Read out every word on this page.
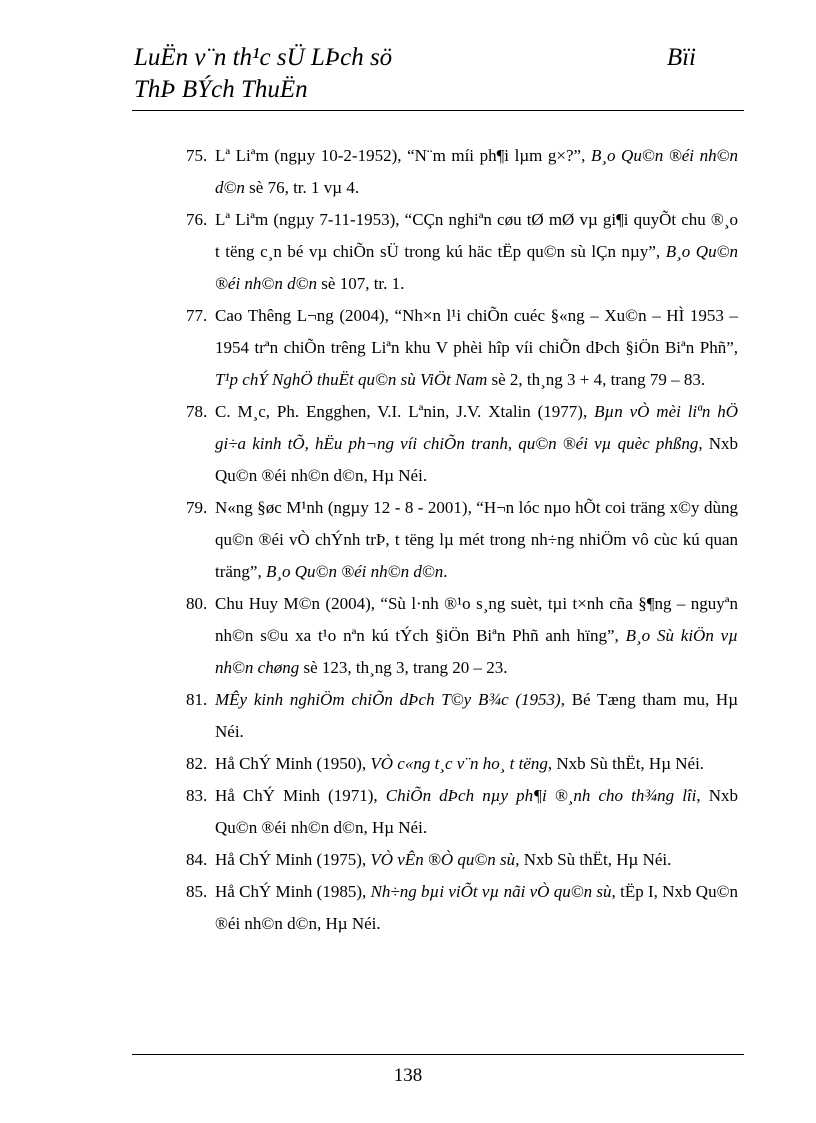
LuËn v¨n th¹c sÜ LÞch sö	Bïi
ThÞ BÝch ThuËn
75. Lª Liªm (ngµy 10-2-1952), “N¨m míi ph¶i lµm g×?”, B¸o Qu©n ®éi nh©n d©n sè 76, tr. 1 vµ 4.
76. Lª Liªm (ngµy 7-11-1953), “CÇn nghiªn cøu tØ mØ vµ gi¶i quyÕt chu ®¸o t tëng c¸n bé vµ chiÕn sÜ trong kú häc tËp qu©n sù lÇn nµy”, B¸o Qu©n ®éi nh©n d©n sè 107, tr. 1.
77. Cao Thêng L¬ng (2004), “Nh×n l¹i chiÕn cuéc §«ng – Xu©n – HÌ 1953 – 1954 trªn chiÕn trêng Liªn khu V phèi hîp víi chiÕn dÞch §iÖn Biªn Phñ”, T¹p chÝ NghÖ thuËt qu©n sù ViÖt Nam sè 2, th¸ng 3 + 4, trang 79 – 83.
78. C. M¸c, Ph. Engghen, V.I. Lªnin, J.V. Xtalin (1977), Bµn vÒ mèi liªn hÖ gi÷a kinh tÕ, hËu ph¬ng víi chiÕn tranh, qu©n ®éi vµ quèc phßng, Nxb Qu©n ®éi nh©n d©n, Hµ Néi.
79. N«ng §øc M¹nh (ngµy 12 - 8 - 2001), “H¬n lóc nµo hÕt coi träng x©y dùng qu©n ®éi vÒ chÝnh trÞ, t tëng lµ mét trong nh÷ng nhiÖm vô cùc kú quan träng”, B¸o Qu©n ®éi nh©n d©n.
80. Chu Huy M©n (2004), “Sù l·nh ®¹o s¸ng suèt, tµi t×nh cña §¶ng – nguyªn nh©n s©u xa t¹o nªn kú tÝch §iÖn Biªn Phñ anh hïng”, B¸o Sù kiÖn vµ nh©n chøng sè 123, th¸ng 3, trang 20 – 23.
81. MÊy kinh nghiÖm chiÕn dÞch T©y B¾c (1953), Bé Tæng tham mu, Hµ Néi.
82. Hå ChÝ Minh (1950), VÒ c«ng t¸c v¨n ho¸ t tëng, Nxb Sù thËt, Hµ Néi.
83. Hå ChÝ Minh (1971), ChiÕn dÞch nµy ph¶i ®¸nh cho th¾ng lîi, Nxb Qu©n ®éi nh©n d©n, Hµ Néi.
84. Hå ChÝ Minh (1975), VÒ vÊn ®Ò qu©n sù, Nxb Sù thËt, Hµ Néi.
85. Hå ChÝ Minh (1985), Nh÷ng bµi viÕt vµ nãi vÒ qu©n sù, tËp I, Nxb Qu©n ®éi nh©n d©n, Hµ Néi.
138
